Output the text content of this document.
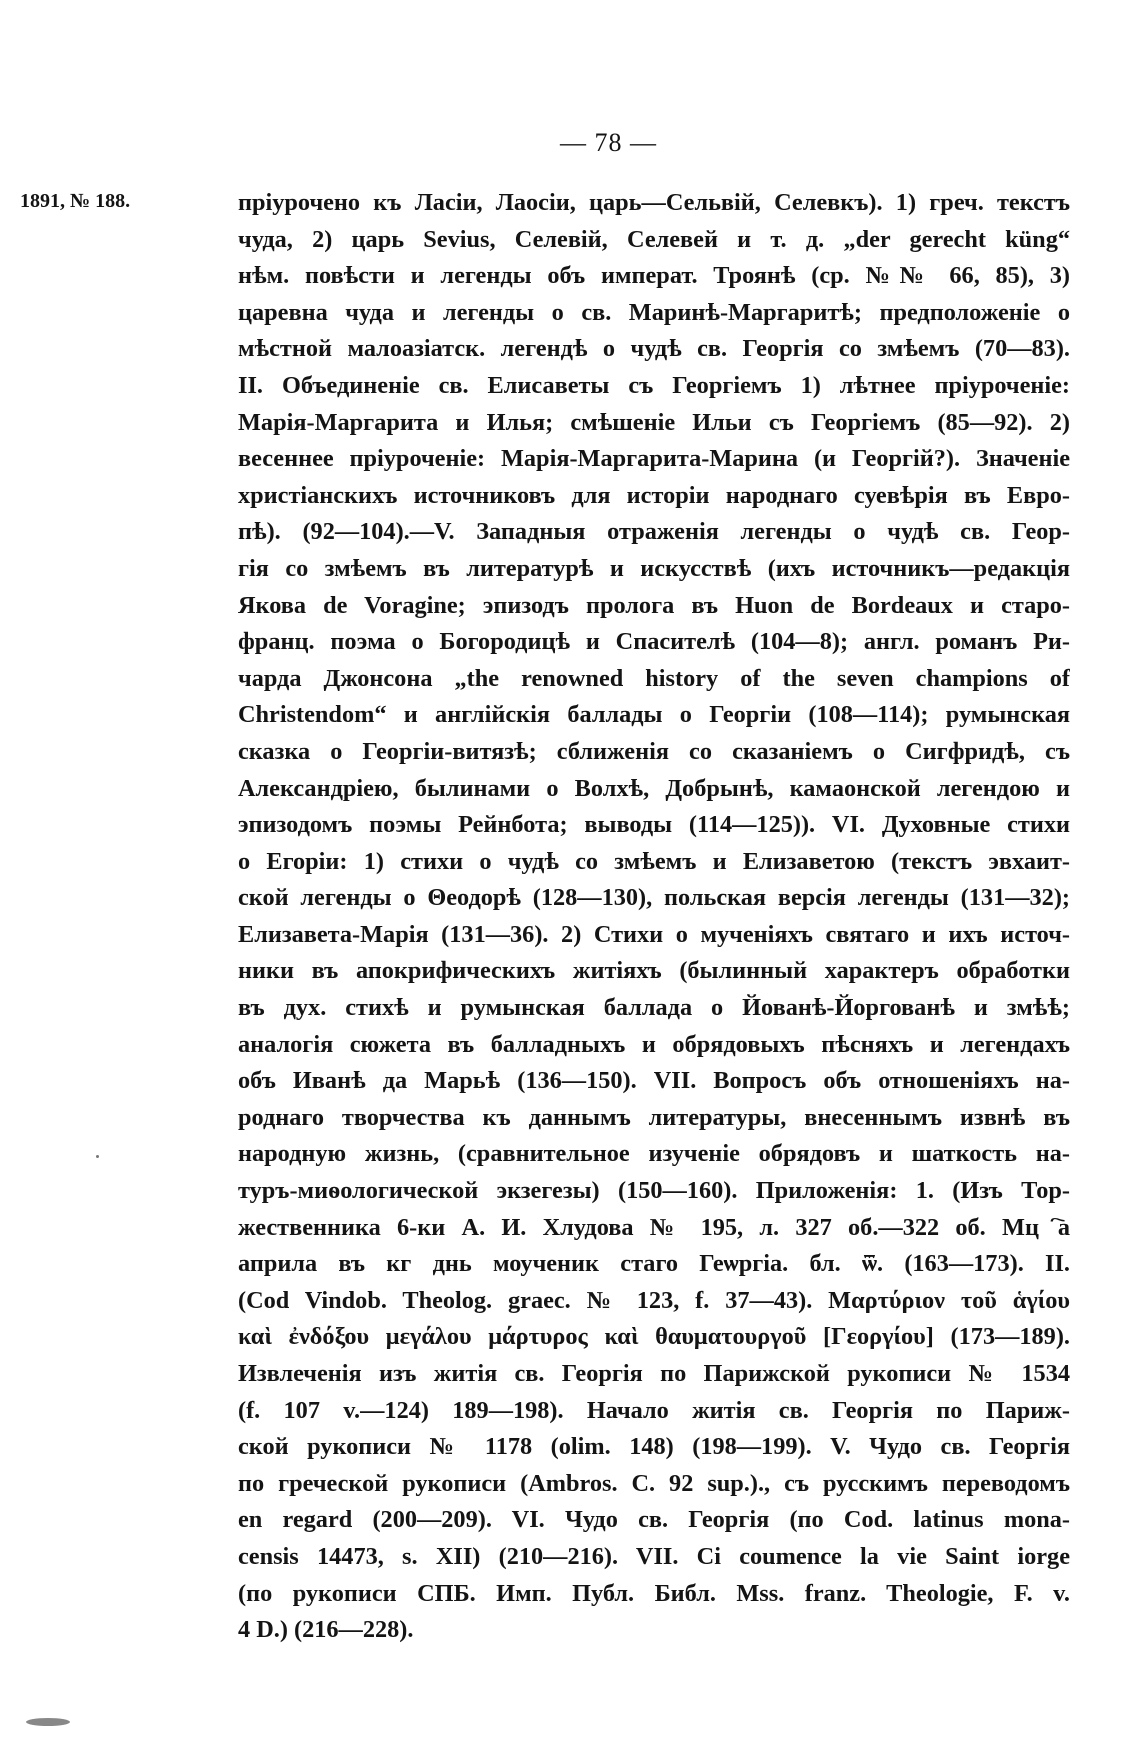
— 78 —
1891, № 188.	пріурочено къ Ласіи, Лаосіи, царь—Сельвій, Селевкъ). 1) греч. текстъ
чуда, 2) царь Sevius, Селевій, Селевей и т. д. „der gerecht küng“
нѣм. повѣсти и легенды объ императ. Троянѣ (ср. №№ 66, 85), 3)
царевна чуда и легенды о св. Маринѣ-Маргаритѣ; предположеніе о
мѣстной малоазіатск. легендѣ о чудѣ св. Георгія со змѣемъ (70—83).
II. Объединеніе св. Елисаветы съ Георгіемъ 1) лѣтнее пріуроченіе:
Марія-Маргарита и Илья; смѣшеніе Ильи съ Георгіемъ (85—92). 2)
весеннее пріуроченіе: Марія-Маргарита-Марина (и Георгій?). Значеніе
христіанскихъ источниковъ для исторіи народнаго суевѣрія въ Евро-
пѣ). (92—104).—V. Западныя отраженія легенды о чудѣ св. Геор-
гія со змѣемъ въ литературѣ и искусствѣ (ихъ источникъ—редакція
Якова de Voragine; эпизодъ пролога въ Huon de Bordeaux и старо-
франц. поэма о Богородицѣ и Спасителѣ (104—8); англ. романъ Ри-
чарда Джонсона „the renowned history of the seven champions of
Christendom“ и англійскія баллады о Георгіи (108—114); румынская
сказка о Георгіи-витязѣ; сближенія со сказаніемъ о Сигфридѣ, съ
Александріею, былинами о Волхѣ, Добрынѣ, камаонской легендою и
эпизодомъ поэмы Рейнбота; выводы (114—125)). VI. Духовные стихи
о Егоріи: 1) стихи о чудѣ со змѣемъ и Елизаветою (текстъ эвхаит-
ской легенды о Θеодорѣ (128—130), польская версія легенды (131—32);
Елизавета-Марія (131—36). 2) Стихи о мученіяхъ святаго и ихъ источ-
ники въ апокрифическихъ житіяхъ (былинный характеръ обработки
въ дух. стихѣ и румынская баллада о Йованѣ-Йоргованѣ и змѣѣ;
аналогія сюжета въ балладныхъ и обрядовыхъ пѣсняхъ и легендахъ
объ Иванѣ да Марьѣ (136—150). VII. Вопросъ объ отношеніяхъ на-
роднаго творчества къ даннымъ литературы, внесеннымъ извнѣ въ
народную жизнь, (сравнительное изученіе обрядовъ и шаткость на-
туръ-миѳологической экзегезы) (150—160). Приложенія: 1. (Изъ Тор-
жественника 6-ки А. И. Хлудова № 195, л. 327 об.—322 об. Мцⷭ҇а
априла въ кг днь моученик стаго Геѡргіа. бл. ѿ. (163—173). II.
(Cod Vindob. Theolog. graec. № 123, f. 37—43). Μαρτύριον τοῦ ἁγίου
καὶ ἐνδόξου μεγάλου μάρτυρος καὶ θαυματουργοῦ [Γεοργίου] (173—189).
Извлеченія изъ житія св. Георгія по Парижской рукописи № 1534
(f. 107 v.—124) 189—198). Начало житія св. Георгія по Париж-
ской рукописи № 1178 (olim. 148) (198—199). V. Чудо св. Георгія
по греческой рукописи (Ambros. C. 92 sup.)., съ русскимъ переводомъ
en regard (200—209). VI. Чудо св. Георгія (по Cod. latinus mona-
censis 14473, s. XII) (210—216). VII. Ci coumence la vie Saint iorge
(по рукописи СПБ. Имп. Публ. Библ. Mss. franz. Theologie, F. v.
4 D.) (216—228).
